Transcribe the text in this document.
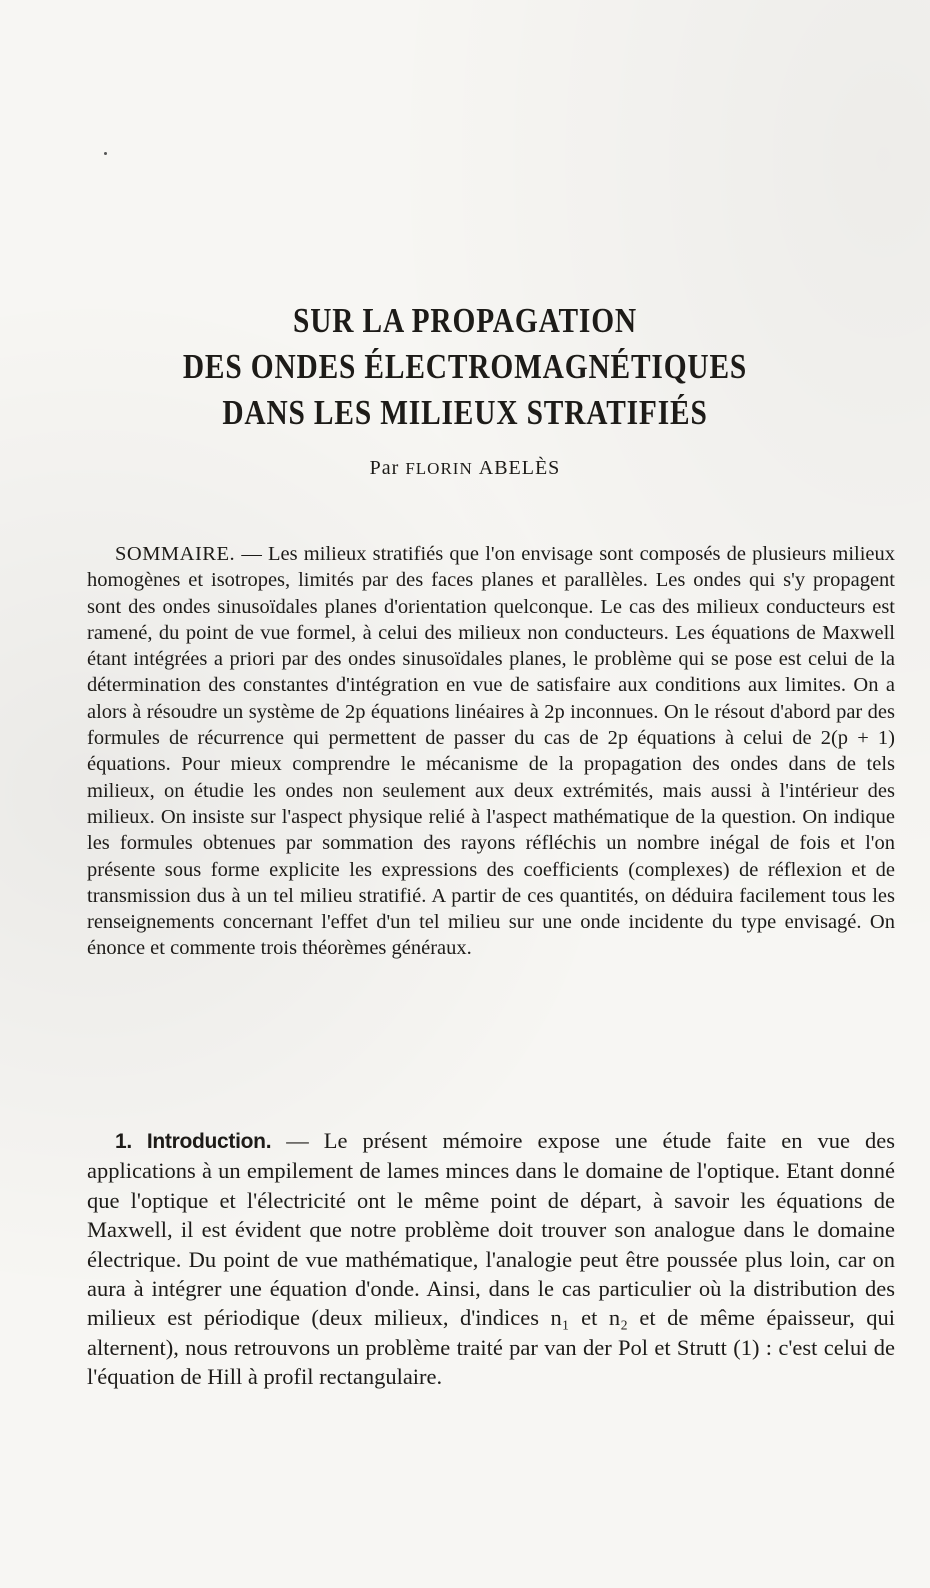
SUR LA PROPAGATION
DES ONDES ÉLECTROMAGNÉTIQUES
DANS LES MILIEUX STRATIFIÉS
Par FLORIN ABELÈS
SOMMAIRE. — Les milieux stratifiés que l'on envisage sont composés de plusieurs milieux homogènes et isotropes, limités par des faces planes et parallèles. Les ondes qui s'y propagent sont des ondes sinusoïdales planes d'orientation quelconque. Le cas des milieux conducteurs est ramené, du point de vue formel, à celui des milieux non conducteurs. Les équations de Maxwell étant intégrées a priori par des ondes sinusoïdales planes, le problème qui se pose est celui de la détermination des constantes d'intégration en vue de satisfaire aux conditions aux limites. On a alors à résoudre un système de 2p équations linéaires à 2p inconnues. On le résout d'abord par des formules de récurrence qui permettent de passer du cas de 2p équations à celui de 2(p + 1) équations. Pour mieux comprendre le mécanisme de la propagation des ondes dans de tels milieux, on étudie les ondes non seulement aux deux extrémités, mais aussi à l'intérieur des milieux. On insiste sur l'aspect physique relié à l'aspect mathématique de la question. On indique les formules obtenues par sommation des rayons réfléchis un nombre inégal de fois et l'on présente sous forme explicite les expressions des coefficients (complexes) de réflexion et de transmission dus à un tel milieu stratifié. A partir de ces quantités, on déduira facilement tous les renseignements concernant l'effet d'un tel milieu sur une onde incidente du type envisagé. On énonce et commente trois théorèmes généraux.
1. Introduction. — Le présent mémoire expose une étude faite en vue des applications à un empilement de lames minces dans le domaine de l'optique. Etant donné que l'optique et l'électricité ont le même point de départ, à savoir les équations de Maxwell, il est évident que notre problème doit trouver son analogue dans le domaine électrique. Du point de vue mathématique, l'analogie peut être poussée plus loin, car on aura à intégrer une équation d'onde. Ainsi, dans le cas particulier où la distribution des milieux est périodique (deux milieux, d'indices n₁ et n₂ et de même épaisseur, qui alternent), nous retrouvons un problème traité par van der Pol et Strutt (1) : c'est celui de l'équation de Hill à profil rectangulaire.
